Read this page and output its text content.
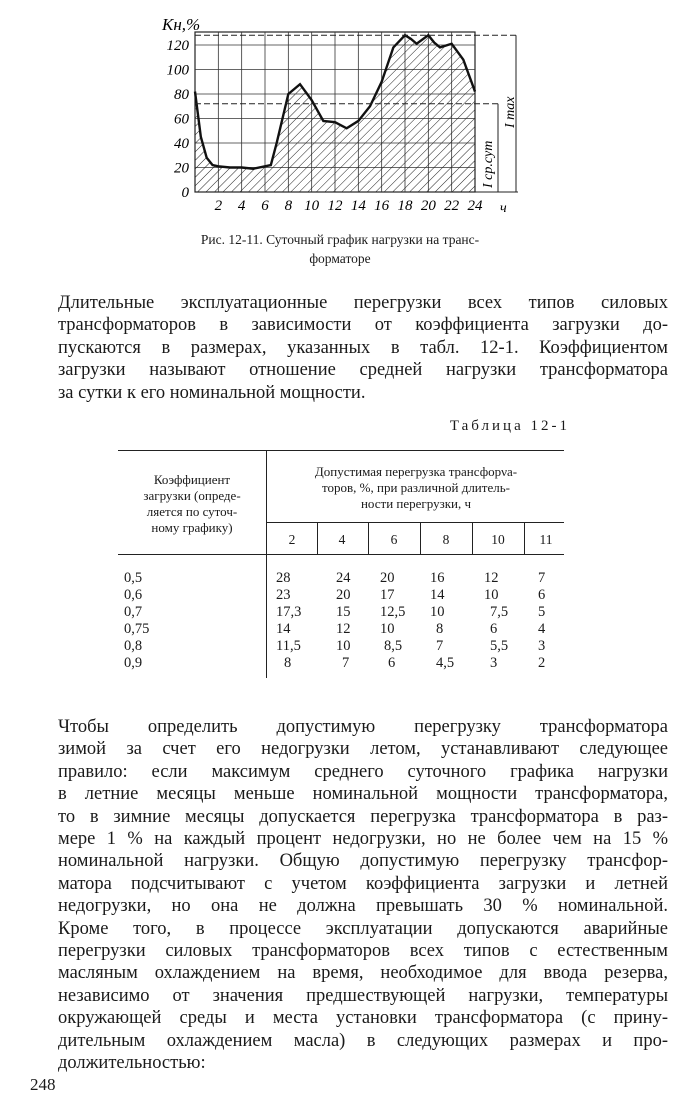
120
100
80
60
40
20
0
2 4 6 8 10 12 14 16 18 20 22 24
Kн,%
ч
I max
I ср.сут
Рис. 12-11. Суточный график нагрузки на транс-
форматоре
Длительные эксплуатационные перегрузки всех типов силовых
трансформаторов в зависимости от коэффициента загрузки до-
пускаются в размерах, указанных в табл. 12-1. Коэффициентом
загрузки называют отношение средней нагрузки трансформатора
за сутки к его номинальной мощности.
Таблица 12-1
Коэффициент
загрузки (опреде-
ляется по суточ-
ному графику)
Допустимая перегрузка трансфорνа-
торов, %, при различной длитель-
ности перегрузки, ч
2	4	6	8	10	11
0,5	28	24 20 16	12	7
0,6	23	20 17 14	10	6
0,7	17,3 15 12,5 10	7,5 5
0,75	14	12 10	8	6	4
0,8	11,5 10 8,5 7	5,5 3
0,9	8	7	6	4,5 3	2
Чтобы определить допустимую перегрузку трансформатора
зимой за счет его недогрузки летом, устанавливают следующее
правило: если максимум среднего суточного графика нагрузки
в летние месяцы меньше номинальной мощности трансформатора,
то в зимние месяцы допускается перегрузка трансформатора в раз-
мере 1 % на каждый процент недогрузки, но не более чем на 15 %
номинальной нагрузки. Общую допустимую перегрузку трансфор-
матора подсчитывают с учетом коэффициента загрузки и летней
недогрузки, но она не должна превышать 30 % номинальной.
Кроме того, в процессе эксплуатации допускаются аварийные
перегрузки силовых трансформаторов всех типов с естественным
масляным охлаждением на время, необходимое для ввода резерва,
независимо от значения предшествующей нагрузки, температуры
окружающей среды и места установки трансформатора (с прину-
дительным охлаждением масла) в следующих размерах и про-
должительностью:
248
